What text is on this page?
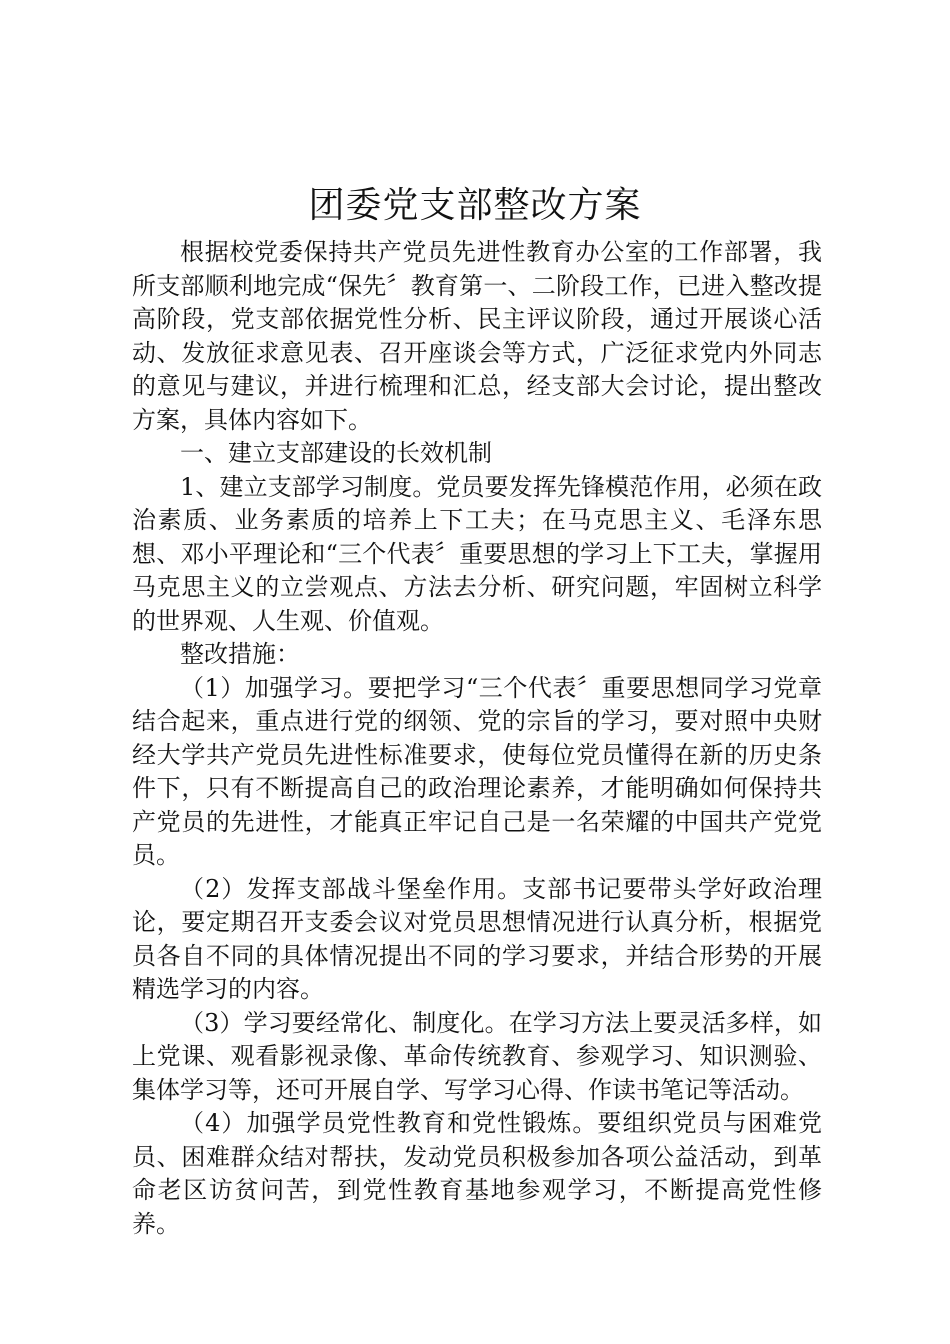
团委党支部整改方案

根据校党委保持共产党员先进性教育办公室的工作部署，我所支部顺利地完成“保先〞教育第一、二阶段工作，已进入整改提高阶段，党支部依据党性分析、民主评议阶段，通过开展谈心活动、发放征求意见表、召开座谈会等方式，广泛征求党内外同志的意见与建议，并进行梳理和汇总，经支部大会讨论，提出整改方案，具体内容如下。

一、建立支部建设的长效机制

1、建立支部学习制度。党员要发挥先锋模范作用，必须在政治素质、业务素质的培养上下工夫；在马克思主义、毛泽东思想、邓小平理论和“三个代表〞重要思想的学习上下工夫，掌握用马克思主义的立尝观点、方法去分析、研究问题，牢固树立科学的世界观、人生观、价值观。

整改措施：

（1）加强学习。要把学习“三个代表〞重要思想同学习党章结合起来，重点进行党的纲领、党的宗旨的学习，要对照中央财经大学共产党员先进性标准要求，使每位党员懂得在新的历史条件下，只有不断提高自己的政治理论素养，才能明确如何保持共产党员的先进性，才能真正牢记自己是一名荣耀的中国共产党党员。

（2）发挥支部战斗堡垒作用。支部书记要带头学好政治理论，要定期召开支委会议对党员思想情况进行认真分析，根据党员各自不同的具体情况提出不同的学习要求，并结合形势的开展精选学习的内容。

（3）学习要经常化、制度化。在学习方法上要灵活多样，如上党课、观看影视录像、革命传统教育、参观学习、知识测验、集体学习等，还可开展自学、写学习心得、作读书笔记等活动。

（4）加强学员党性教育和党性锻炼。要组织党员与困难党员、困难群众结对帮扶，发动党员积极参加各项公益活动，到革命老区访贫问苦，到党性教育基地参观学习，不断提高党性修养。
